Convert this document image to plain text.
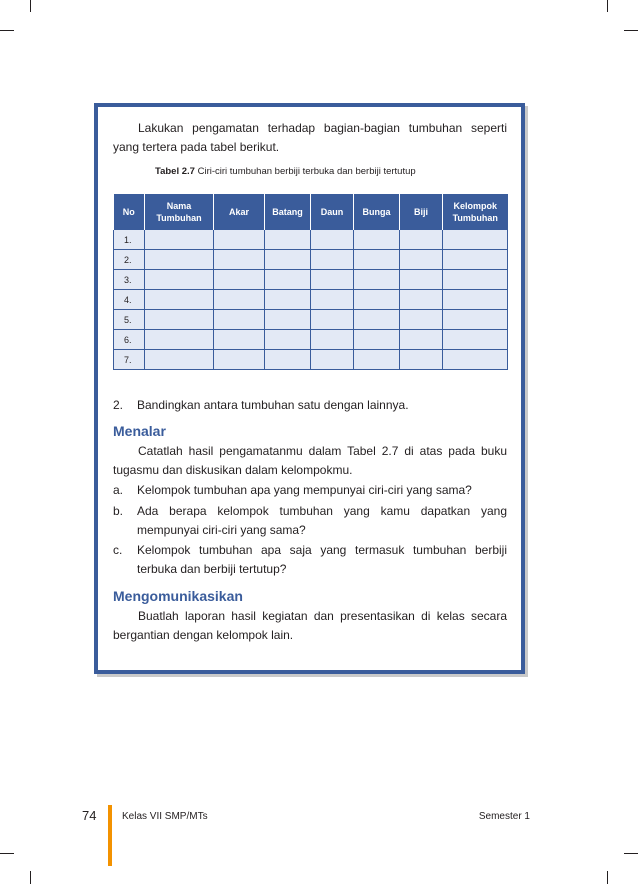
Lakukan pengamatan terhadap bagian-bagian tumbuhan seperti
yang tertera pada tabel berikut.
Tabel 2.7 Ciri-ciri tumbuhan berbiji terbuka dan berbiji tertutup
No	Nama Tumbuhan	Akar	Batang	Daun	Bunga	Biji	Kelompok Tumbuhan
1.							
2.							
3.							
4.							
5.							
6.							
7.							
2. Bandingkan antara tumbuhan satu dengan lainnya.
Menalar
Catatlah hasil pengamatanmu dalam Tabel 2.7 di atas pada buku
tugasmu dan diskusikan dalam kelompokmu.
a. Kelompok tumbuhan apa yang mempunyai ciri-ciri yang sama?
b. Ada berapa kelompok tumbuhan yang kamu dapatkan yang mempunyai ciri-ciri yang sama?
c. Kelompok tumbuhan apa saja yang termasuk tumbuhan berbiji terbuka dan berbiji tertutup?
Mengomunikasikan
Buatlah laporan hasil kegiatan dan presentasikan di kelas secara
bergantian dengan kelompok lain.
74	Kelas VII SMP/MTs	Semester 1
